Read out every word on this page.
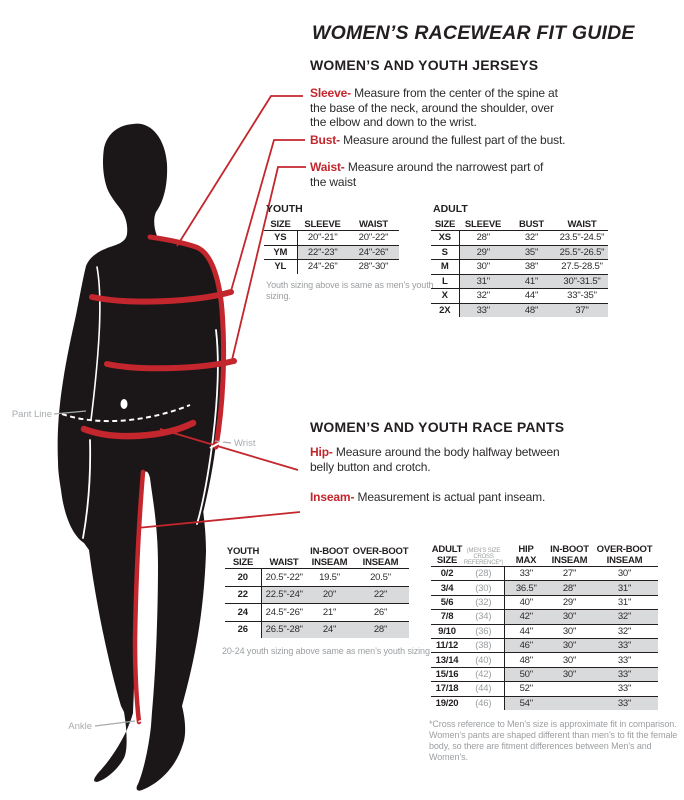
Pant Line
Wrist
Ankle
WOMEN’S RACEWEAR FIT GUIDE
WOMEN’S AND YOUTH JERSEYS
Sleeve- Measure from the center of the spine at the base of the neck, around the shoulder, over the elbow and down to the wrist.
Bust- Measure around the fullest part of the bust.
Waist- Measure around the narrowest part of the waist
YOUTH
SIZE	SLEEVE	WAIST
YS	20"-21"	20"-22"
YM	22"-23"	24"-26"
YL	24"-26"	28"-30"
Youth sizing above is same as men’s youth sizing.
ADULT
SIZE	SLEEVE	BUST	WAIST
XS	28"	32"	23.5"-24.5"
S	29"	35"	25.5"-26.5"
M	30"	38"	27.5-28.5"
L	31"	41"	30"-31.5"
X	32"	44"	33"-35"
2X	33"	48"	37"
WOMEN’S AND YOUTH RACE PANTS
Hip- Measure around the body halfway between belly button and crotch.
Inseam- Measurement is actual pant inseam.
YOUTH
SIZE	WAIST

IN-BOOT
INSEAM

OVER-BOOT
INSEAM

20	20.5"-22"	19.5"	20.5"
22	22.5"-24"	20"	22"
24	24.5"-26"	21"	26"
26	26.5"-28"	24"	28"
20-24 youth sizing above same as men’s youth sizing
ADULT
SIZE

(MEN’S SIZE
CROSS
REFERENCE*)

HIP
MAX

IN-BOOT
INSEAM

OVER-BOOT
INSEAM

0/2	(28)	33"	27"	30"
3/4	(30)	36.5"	28"	31"
5/6	(32)	40"	29"	31"
7/8	(34)	42"	30"	32"
9/10	(36)	44"	30"	32"
11/12	(38)	46"	30"	33"
13/14	(40)	48"	30"	33"
15/16	(42)	50"	30"	33"
17/18	(44)	52"		33"
19/20	(46)	54"		33"
*Cross reference to Men’s size is approximate fit in comparison. Women’s pants are shaped different than men’s to fit the female body, so there are fitment differences between Men’s and Women’s.
